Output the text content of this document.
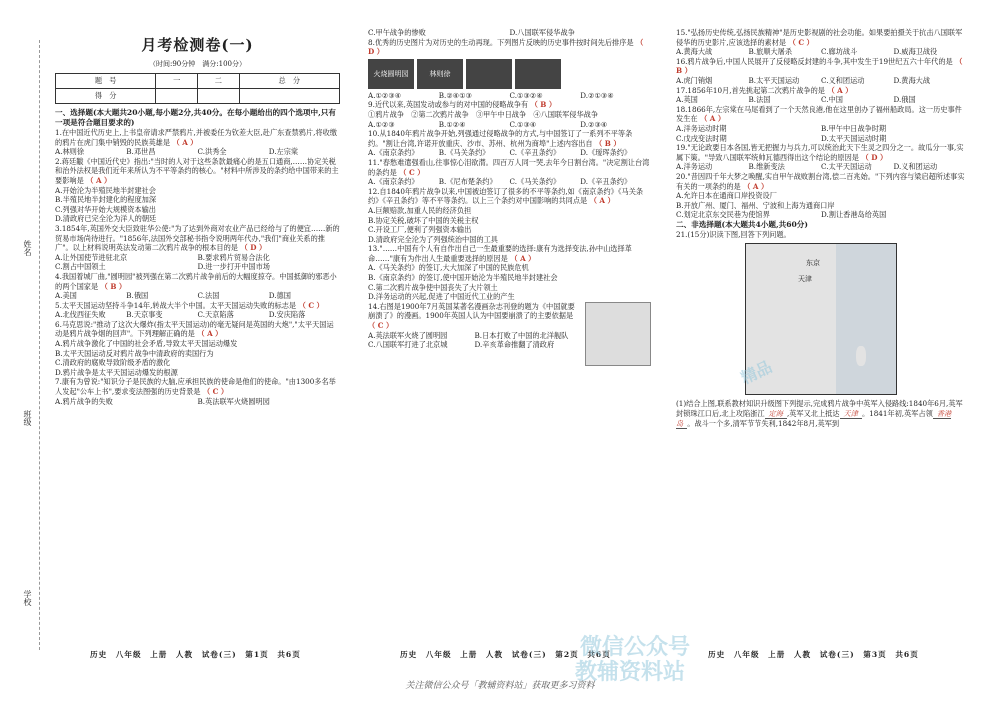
姓名
班级
学校
月考检测卷(一)
（时间:90分钟　满分:100分）
题　号	一	二	总　分
得　分			

一、选择题(本大题共20小题,每小题2分,共40分。在每小题给出的四个选项中,只有一项是符合题目要求的)

1.在中国近代历史上,上书皇帝请求严禁鸦片,并被委任为钦差大臣,赴广东查禁鸦片,将收缴的鸦片在虎门集中销毁的民族英雄是 （ A ）

A.林则徐	B.邓世昌	C.洪秀全	D.左宗棠

2.蒋廷黻《中国近代史》指出:"当时的人对于这些条款最痛心的是五口通商,……协定关税和治外法权是我们近年来所认为不平等条约的核心。"材料中所涉及的条约给中国带来的主要影响是 （ A ）

A.开始沦为半殖民地半封建社会
B.半殖民地半封建化的程度加深
C.列强对华开始大规模资本输出
D.清政府已完全沦为洋人的朝廷

3.1854年,英国外交大臣致驻华公使:"为了达到外商对农业产品已经给与了的便宜……新的贸易市场尚待进行。"1856年,法国外交部秘书指令说明两年代办,"我们"商业关系的推广"。以上材料说明英法发动第二次鸦片战争的根本目的是 （ D ）

A.让外国使节进驻北京	B.要求鸦片贸易合法化
C.割占中国领土	D.进一步打开中国市场

4.我国着城厂曲,"圆明园"被列强在第二次鸦片战争前后的大幅度掠夺。中国抵御的邪恶小的两个国家是 （ B ）

A.美国	B.俄国	C.法国	D.德国

5.太平天国运动坚持斗争14年,转战大半个中国。太平天国运动失败的标志是 （ C ）

A.北伐西征失败	B.天京事变	C.天京陷落	D.安庆陷落

6.马克思说:"推动了这次大爆炸(指太平天国运动)的毫无疑问是英国的大炮","太平天国运动是鸦片战争烟的回声"。下列理解正确的是 （ A ）

A.鸦片战争激化了中国的社会矛盾,导致太平天国运动爆发
B.太平天国运动反对鸦片战争中清政府的卖国行为
C.清政府的腐败导致阶级矛盾的激化
D.鸦片战争是太平天国运动爆发的根源

7.康有为曾说:"知识分子是民族的大脑,应承担民族的使命是他们的使命。"由1300多名举人发起"公车上书",要求变法图强的历史背景是 （ C ）

A.鸦片战争的失败	B.英法联军火烧圆明园
C.甲午战争的惨败	D.八国联军侵华战争

8.优秀的历史图片为对历史的生动再现。下列图片反映的历史事件按时间先后排序是 （ D ）

火烧圆明园	林则徐
A.①②③④	B.②④①③	C.①③②④	D.②①③④

9.近代以来,英国发动或参与的对中国的侵略战争有 （ B ）

①鸦片战争　②第二次鸦片战争　③甲午中日战争　④八国联军侵华战争

A.①②③	B.①②④	C.①③④	D.②③④

10.从1840年鸦片战争开始,列强通过侵略战争的方式,与中国签订了一系列不平等条约。"割让台湾,许诺开放重庆、沙市、苏州、杭州为商埠"上述内容出自 （ B ）

A.《南京条约》	B.《马关条约》	C.《辛丑条约》	D.《瑷珲条约》

11."春愁难遣强看山,往事惊心泪欲潸。四百万人同一哭,去年今日割台湾。"决定割让台湾的条约是 （ C ）

A.《南京条约》	B.《尼布楚条约》	C.《马关条约》	D.《辛丑条约》

12.自1840年鸦片战争以来,中国被迫签订了很多的不平等条约,如《南京条约》《马关条约》《辛丑条约》等不平等条约。以上三个条约对中国影响的共同点是 （ A ）

A.巨额赔款,加重人民的经济负担
B.协定关税,破坏了中国的关税主权
C.开设工厂,便利了列强资本输出
D.清政府完全沦为了列强统治中国的工具

13."……中国有个人有自作出自己一生最重要的选择:康有为选择变法,孙中山选择革命……"康有为作出人生最重要选择的原因是 （ A ）

A.《马关条约》的签订,大大加深了中国的民族危机
B.《南京条约》的签订,使中国开始沦为半殖民地半封建社会
C.第二次鸦片战争使中国丧失了大片领土
D.洋务运动的兴起,促进了中国近代工业的产生

14.右图是1900年7月英国某著名漫画杂志刊登的题为《中国就要崩溃了》的漫画。1900年英国人认为中国要崩溃了的主要依据是 （ C ）

A.英法联军火烧了圆明园	B.日本打败了中国的北洋舰队
C.八国联军打进了北京城	D.辛亥革命推翻了清政府

15."弘扬历史传统,弘扬民族精神"是历史影视剧的社会功能。如果要拍摄关于抗击八国联军侵华的历史影片,应该选择的素材是 （ C ）

A.黄海大战	B.旅顺大屠杀	C.廊坊战斗	D.威海卫战役

16.鸦片战争后,中国人民展开了反侵略反封建的斗争,其中发生于19世纪五六十年代的是 （ B ）

A.虎门销烟	B.太平天国运动	C.义和团运动	D.黄海大战

17.1856年10月,首先挑起第二次鸦片战争的是 （ A ）

A.英国	B.法国	C.中国	D.俄国

18.1866年,左宗棠在马尾看到了一个天然良港,他在这里创办了福州船政局。这一历史事件发生在 （ A ）

A.洋务运动时期	B.甲午中日战争时期
C.戊戌变法时期	D.太平天国运动时期

19."无论政要日本各国,皆无把握力与兵力,可以统治此天下生灵之四分之一。故瓜分一事,实属下策。"导致八国联军统帅瓦德西得出这个结论的原因是 （ D ）

A.洋务运动	B.维新变法	C.太平天国运动	D.义和团运动

20."昔因四千年大梦之唤醒,实自甲午战败割台湾,偿二百兆始。"下列内容与梁启超所述事实有关的一项条约的是 （ A ）

A.允许日本在通商口岸投资设厂
B.开放广州、厦门、福州、宁波和上海为通商口岸
C.划定北京东交民巷为使馆界	D.割让香港岛给英国

二、非选择题(本大题共4小题,共60分)

21.(15分)识读下图,回答下列问题。

东京
天津

(1)结合上图,联系教材知识升级图下列提示,完成鸦片战争中英军入侵路线:1840年6月,英军封锁珠江口后,北上攻陷浙江 定海 ,英军又北上抵达 天津 。1841年初,英军占领 香港岛 。战斗一个多,清军节节失利,1842年8月,英军到

历史　八年级　上册　人教　试卷(三)　第1页　共6页	历史　八年级　上册　人教　试卷(三)　第2页　共6页	历史　八年级　上册　人教　试卷(三)　第3页　共6页
关注微信公众号「教辅资料站」获取更多习资料
微信公众号
教辅资料站
精品
